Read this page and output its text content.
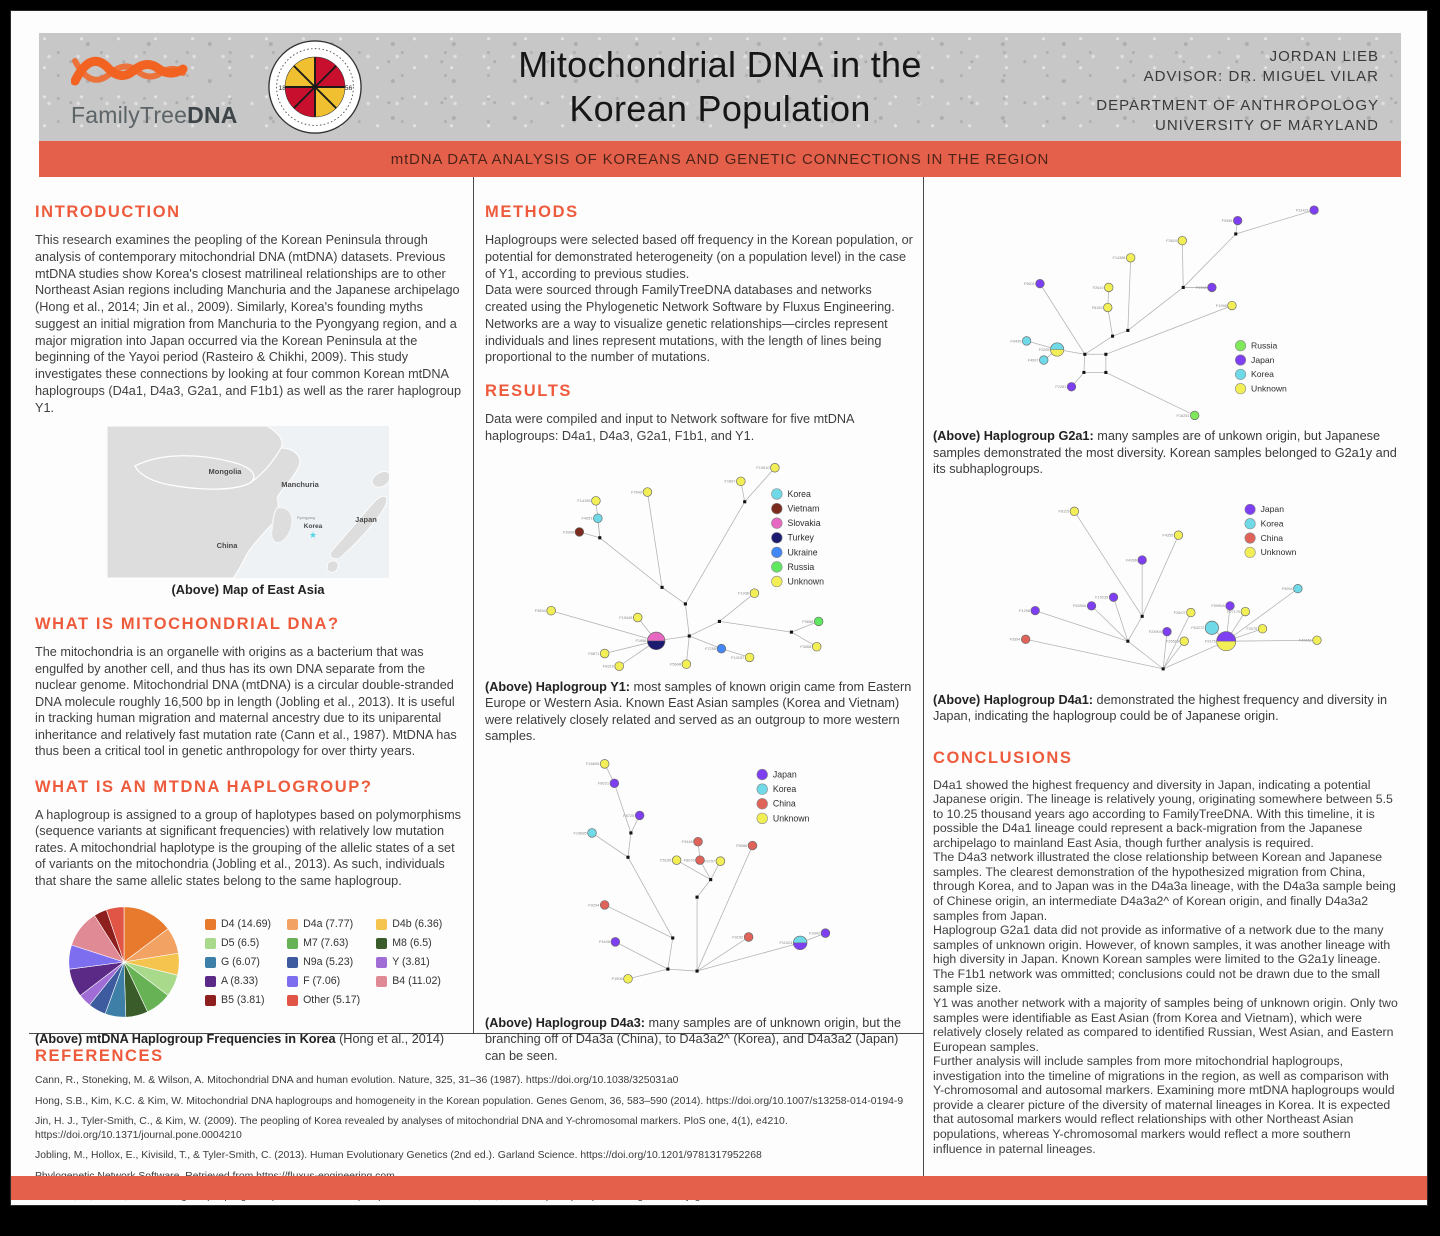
FamilyTreeDNA
18	56
Mitochondrial DNA in the
Korean Population
JORDAN LIEB
ADVISOR: DR. MIGUEL VILAR
DEPARTMENT OF ANTHROPOLOGY
UNIVERSITY OF MARYLAND
mtDNA DATA ANALYSIS OF KOREANS AND GENETIC CONNECTIONS IN THE REGION
INTRODUCTION

This research examines the peopling of the Korean Peninsula through analysis of contemporary mitochondrial DNA (mtDNA) datasets. Previous mtDNA studies show Korea's closest matrilineal relationships are to other Northeast Asian regions including Manchuria and the Japanese archipelago (Hong et al., 2014; Jin et al., 2009). Similarly, Korea's founding myths suggest an initial migration from Manchuria to the Pyongyang region, and a major migration into Japan occurred via the Korean Peninsula at the beginning of the Yayoi period (Rasteiro & Chikhi, 2009). This study investigates these connections by looking at four common Korean mtDNA haplogroups (D4a1, D4a3, G2a1, and F1b1) as well as the rarer haplogroup Y1.

Mongolia
Manchuria
China
Pyongyang
Korea
Japan
★
(Above) Map of East Asia
WHAT IS MITOCHONDRIAL DNA?

The mitochondria is an organelle with origins as a bacterium that was engulfed by another cell, and thus has its own DNA separate from the nuclear genome. Mitochondrial DNA (mtDNA) is a circular double-stranded DNA molecule roughly 16,500 bp in length (Jobling et al., 2013). It is useful in tracking human migration and maternal ancestry due to its uniparental inheritance and relatively fast mutation rate (Cann et al., 1987). MtDNA has thus been a critical tool in genetic anthropology for over thirty years.

WHAT IS AN MTDNA HAPLOGROUP?

A haplogroup is assigned to a group of haplotypes based on polymorphisms (sequence variants at significant frequencies) with relatively low mutation rates. A mitochondrial haplotype is the grouping of the allelic states of a set of variants on the mitochondria (Jobling et al., 2013). As such, individuals that share the same allelic states belong to the same haplogroup.

D4 (14.69)	D4a (7.77)	D4b (6.36)
D5 (6.5)	M7 (7.63)	M8 (6.5)
G (6.07)	N9a (5.23)	Y (3.81)
A (8.33)	F (7.06)	B4 (11.02)
B5 (3.81)	Other (5.17)
(Above) mtDNA Haplogroup Frequencies in Korea (Hong et al., 2014)
METHODS

Haplogroups were selected based off frequency in the Korean population, or potential for demonstrated heterogeneity (on a population level) in the case of Y1, according to previous studies.

Data were sourced through FamilyTreeDNA databases and networks created using the Phylogenetic Network Software by Fluxus Engineering. Networks are a way to visualize genetic relationships—circles represent individuals and lines represent mutations, with the length of lines being proportional to the number of mutations.

RESULTS

Data were compiled and input to Network software for five mtDNA haplogroups: D4a1, D4a3, G2a1, F1b1, and Y1.

F13910
F1607
F7640
F14155
F4051
F3999
F1936
F9658
F3068
F1956
F19445
F9894
F8871
F8310
F7255
F14157
F5648
Korea
Vietnam
Slovakia
Turkey
Ukraine
Russia
Unknown
(Above) Haplogroup Y1: most samples of known origin came from Eastern Europe or Western Asia. Known East Asian samples (Korea and Vietnam) were relatively closely related and served as an outgroup to more western samples.
F16605
F8021
F8725
F19685
F3448
F5165	F8076 F9797
F5586
F9294
F4448
F9152
F11024
F3342
F1908
Japan
Korea
China
Unknown
(Above) Haplogroup D4a3: many samples are of unknown origin, but the branching off of D4a3a (China), to D4a3a2^ (Korea), and D4a3a2 (Japan) can be seen.
F31421
F9396
F3819
F14386
F9601
F2610	F9998
F8153	F1998
F9435
F2205
F4997
F2281
F16251
Russia
Japan
Korea
Unknown
(Above) Haplogroup G2a1: many samples are of unkown origin, but Japanese samples demonstrated the most diversity. Korean samples belonged to G2a1y and its subhaplogroups.
F8115
F4355
F4396
F15235
F9285A
F1298	F25/07
F9990A
F27179
F9094
F63272
F23904
F2075
F3394	F9175
F26616	F42461
Japan
Korea
China
Unknown
(Above) Haplogroup D4a1: demonstrated the highest frequency and diversity in Japan, indicating the haplogroup could be of Japanese origin.
CONCLUSIONS

D4a1 showed the highest frequency and diversity in Japan, indicating a potential Japanese origin. The lineage is relatively young, originating somewhere between 5.5 to 10.25 thousand years ago according to FamilyTreeDNA. With this timeline, it is possible the D4a1 lineage could represent a back-migration from the Japanese archipelago to mainland East Asia, though further analysis is required.

The D4a3 network illustrated the close relationship between Korean and Japanese samples. The clearest demonstration of the hypothesized migration from China, through Korea, and to Japan was in the D4a3a lineage, with the D4a3a sample being of Chinese origin, an intermediate D4a3a2^ of Korean origin, and finally D4a3a2 samples from Japan.

Haplogroup G2a1 data did not provide as informative of a network due to the many samples of unknown origin. However, of known samples, it was another lineage with high diversity in Japan. Known Korean samples were limited to the G2a1y lineage.

The F1b1 network was ommitted; conclusions could not be drawn due to the small sample size.

Y1 was another network with a majority of samples being of unknown origin. Only two samples were identifiable as East Asian (from Korea and Vietnam), which were relatively closely related as compared to identified Russian, West Asian, and Eastern European samples.

Further analysis will include samples from more mitochondrial haplogroups, investigation into the timeline of migrations in the region, as well as comparison with Y-chromosomal and autosomal markers. Examining more mtDNA haplogroups would provide a clearer picture of the diversity of maternal lineages in Korea. It is expected that autosomal markers would reflect relationships with other Northeast Asian populations, whereas Y-chromosomal markers would reflect a more southern influence in paternal lineages.

REFERENCES

Cann, R., Stoneking, M. & Wilson, A. Mitochondrial DNA and human evolution. Nature, 325, 31–36 (1987). https://doi.org/10.1038/325031a0

Hong, S.B., Kim, K.C. & Kim, W. Mitochondrial DNA haplogroups and homogeneity in the Korean population. Genes Genom, 36, 583–590 (2014). https://doi.org/10.1007/s13258-014-0194-9

Jin, H. J., Tyler-Smith, C., & Kim, W. (2009). The peopling of Korea revealed by analyses of mitochondrial DNA and Y-chromosomal markers. PloS one, 4(1), e4210. https://doi.org/10.1371/journal.pone.0004210

Jobling, M., Hollox, E., Kivisild, T., & Tyler-Smith, C. (2013). Human Evolutionary Genetics (2nd ed.). Garland Science. https://doi.org/10.1201/9781317952268
